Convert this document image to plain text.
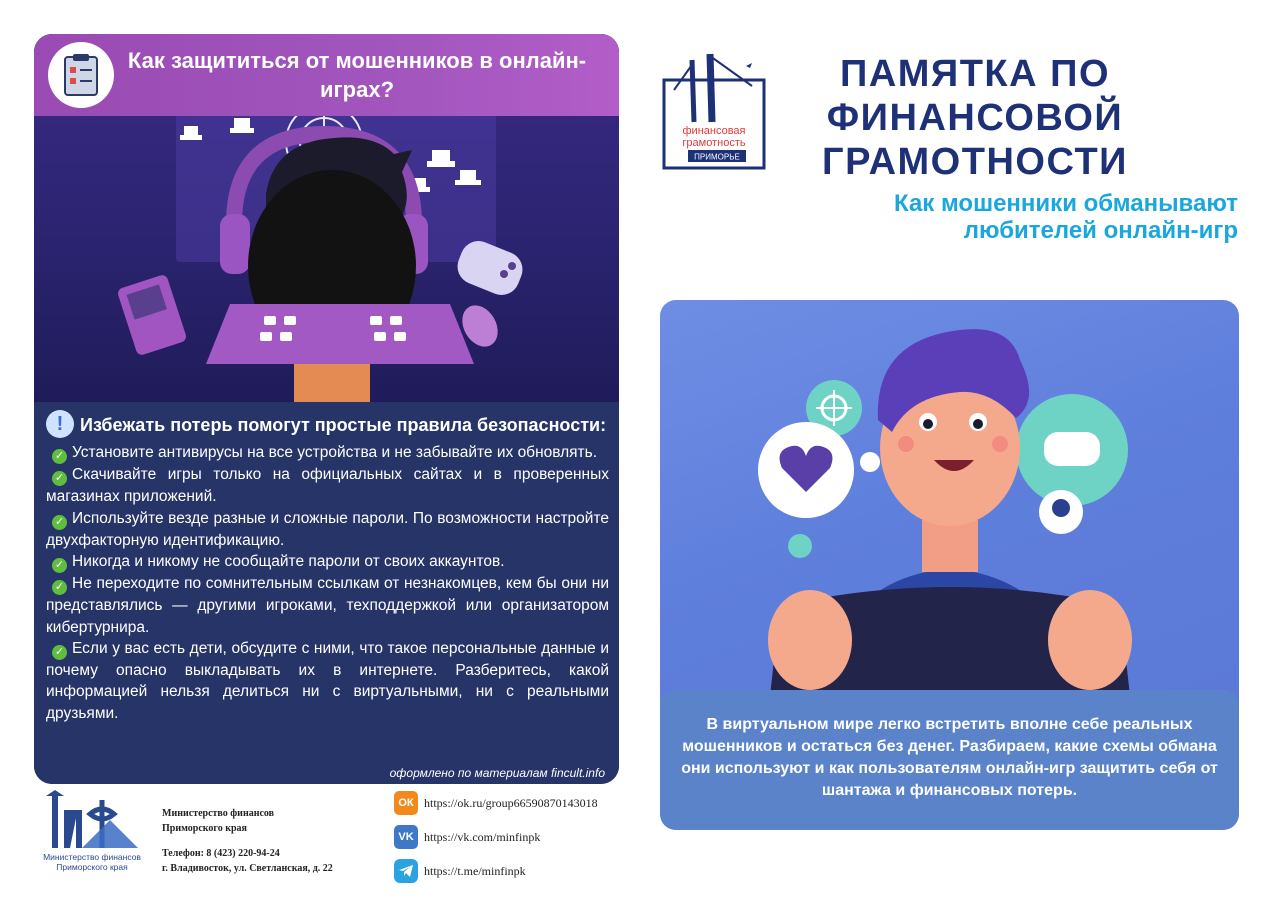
Как защититься от мошенников в онлайн-играх?
! Избежать потерь помогут простые правила безопасности:
✓ Установите антивирусы на все устройства и не забывайте их обновлять.
✓ Скачивайте игры только на официальных сайтах и в проверенных магазинах приложений.
✓ Используйте везде разные и сложные пароли. По возможности настройте двухфакторную идентификацию.
✓ Никогда и никому не сообщайте пароли от своих аккаунтов.
✓ Не переходите по сомнительным ссылкам от незнакомцев, кем бы они ни представлялись — другими игроками, техподдержкой или организатором кибертурнира.
✓ Если у вас есть дети, обсудите с ними, что такое персональные данные и почему опасно выкладывать их в интернете. Разберитесь, какой информацией нельзя делиться ни с виртуальными, ни с реальными друзьями.
оформлено по материалам fincult.info
Министерство финансов Приморского края
Министерство финансов
Приморского края
Телефон: 8 (423) 220-94-24
г. Владивосток, ул. Светланская, д. 22
ОК https://ok.ru/group66590870143018
VK https://vk.com/minfinpk
https://t.me/minfinpk
финансовая
грамотность
ПРИМОРЬЕ
ПАМЯТКА ПО ФИНАНСОВОЙ ГРАМОТНОСТИ
Как мошенники обманывают любителей онлайн-игр
В виртуальном мире легко встретить вполне себе реальных мошенников и остаться без денег. Разбираем, какие схемы обмана они используют и как пользователям онлайн-игр защитить себя от шантажа и финансовых потерь.
